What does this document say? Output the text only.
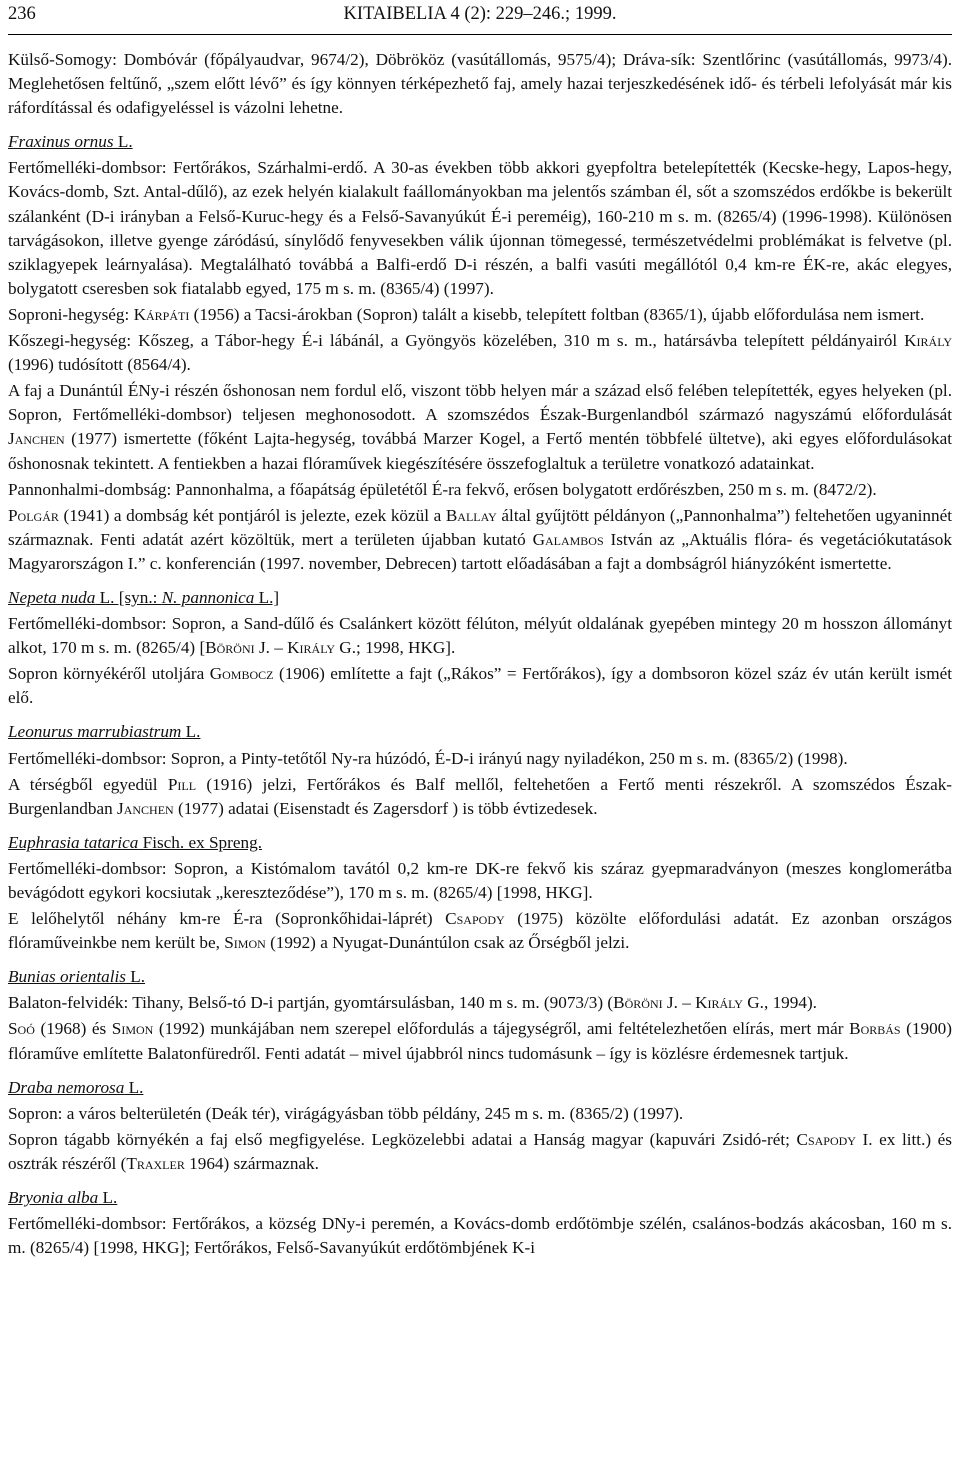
236	KITAIBELIA 4 (2): 229–246.; 1999.

Külső-Somogy: Dombóvár (főpályaudvar, 9674/2), Döbrököz (vasútállomás, 9575/4); Dráva-sík: Szentlőrinc (vasútállomás, 9973/4). Meglehetősen feltűnő, „szem előtt lévő” és így könnyen térképezhető faj, amely hazai terjeszkedésének idő- és térbeli lefolyását már kis ráfordítással és odafigyeléssel is vázolni lehetne.

Fraxinus ornus L.

Fertőmelléki-dombsor: Fertőrákos, Szárhalmi-erdő. A 30-as években több akkori gyepfoltra betelepítették (Kecske-hegy, Lapos-hegy, Kovács-domb, Szt. Antal-dűlő), az ezek helyén kialakult faállományokban ma jelentős számban él, sőt a szomszédos erdőkbe is bekerült szálanként (D-i irányban a Felső-Kuruc-hegy és a Felső-Savanyúkút É-i pereméig), 160-210 m s. m. (8265/4) (1996-1998). Különösen tarvágásokon, illetve gyenge záródású, sínylődő fenyvesekben válik újonnan tömegessé, természetvédelmi problémákat is felvetve (pl. sziklagyepek leárnyalása). Megtalálható továbbá a Balfi-erdő D-i részén, a balfi vasúti megállótól 0,4 km-re ÉK-re, akác elegyes, bolygatott cseresben sok fiatalabb egyed, 175 m s. m. (8365/4) (1997).

Soproni-hegység: Kárpáti (1956) a Tacsi-árokban (Sopron) talált a kisebb, telepített foltban (8365/1), újabb előfordulása nem ismert.

Kőszegi-hegység: Kőszeg, a Tábor-hegy É-i lábánál, a Gyöngyös közelében, 310 m s. m., határsávba telepített példányairól Király (1996) tudósított (8564/4).

A faj a Dunántúl ÉNy-i részén őshonosan nem fordul elő, viszont több helyen már a század első felében telepítették, egyes helyeken (pl. Sopron, Fertőmelléki-dombsor) teljesen meghonosodott. A szomszédos Észak-Burgenlandból származó nagyszámú előfordulását Janchen (1977) ismertette (főként Lajta-hegység, továbbá Marzer Kogel, a Fertő mentén többfelé ültetve), aki egyes előfordulásokat őshonosnak tekintett. A fentiekben a hazai flóraművek kiegészítésére összefoglaltuk a területre vonatkozó adatainkat.

Pannonhalmi-dombság: Pannonhalma, a főapátság épületétől É-ra fekvő, erősen bolygatott erdőrészben, 250 m s. m. (8472/2).

Polgár (1941) a dombság két pontjáról is jelezte, ezek közül a Ballay által gyűjtött példányon („Pannonhalma”) feltehetően ugyaninnét származnak. Fenti adatát azért közöltük, mert a területen újabban kutató Galambos István az „Aktuális flóra- és vegetációkutatások Magyarországon I.” c. konferencián (1997. november, Debrecen) tartott előadásában a fajt a dombságról hiányzóként ismertette.

Nepeta nuda L. [syn.: N. pannonica L.]

Fertőmelléki-dombsor: Sopron, a Sand-dűlő és Csalánkert között félúton, mélyút oldalának gyepében mintegy 20 m hosszon állományt alkot, 170 m s. m. (8265/4) [Böröni J. – Király G.; 1998, HKG].

Sopron környékéről utoljára Gombocz (1906) említette a fajt („Rákos” = Fertőrákos), így a dombsoron közel száz év után került ismét elő.

Leonurus marrubiastrum L.

Fertőmelléki-dombsor: Sopron, a Pinty-tetőtől Ny-ra húzódó, É-D-i irányú nagy nyiladékon, 250 m s. m. (8365/2) (1998).

A térségből egyedül Pill (1916) jelzi, Fertőrákos és Balf mellől, feltehetően a Fertő menti részekről. A szomszédos Észak-Burgenlandban Janchen (1977) adatai (Eisenstadt és Zagersdorf ) is több évtizedesek.

Euphrasia tatarica Fisch. ex Spreng.

Fertőmelléki-dombsor: Sopron, a Kistómalom tavától 0,2 km-re DK-re fekvő kis száraz gyepmaradványon (meszes konglomerátba bevágódott egykori kocsiutak „kereszteződése”), 170 m s. m. (8265/4) [1998, HKG].

E lelőhelytől néhány km-re É-ra (Sopronkőhidai-láprét) Csapody (1975) közölte előfordulási adatát. Ez azonban országos flóraműveinkbe nem került be, Simon (1992) a Nyugat-Dunántúlon csak az Őrségből jelzi.

Bunias orientalis L.

Balaton-felvidék: Tihany, Belső-tó D-i partján, gyomtársulásban, 140 m s. m. (9073/3) (Böröni J. – Király G., 1994).

Soó (1968) és Simon (1992) munkájában nem szerepel előfordulás a tájegységről, ami feltételezhetően elírás, mert már Borbás (1900) flóraműve említette Balatonfüredről. Fenti adatát – mivel újabbról nincs tudomásunk – így is közlésre érdemesnek tartjuk.

Draba nemorosa L.

Sopron: a város belterületén (Deák tér), virágágyásban több példány, 245 m s. m. (8365/2) (1997).

Sopron tágabb környékén a faj első megfigyelése. Legközelebbi adatai a Hanság magyar (kapuvári Zsidó-rét; Csapody I. ex litt.) és osztrák részéről (Traxler 1964) származnak.

Bryonia alba L.

Fertőmelléki-dombsor: Fertőrákos, a község DNy-i peremén, a Kovács-domb erdőtömbje szélén, csalános-bodzás akácosban, 160 m s. m. (8265/4) [1998, HKG]; Fertőrákos, Felső-Savanyúkút erdőtömbjének K-i
